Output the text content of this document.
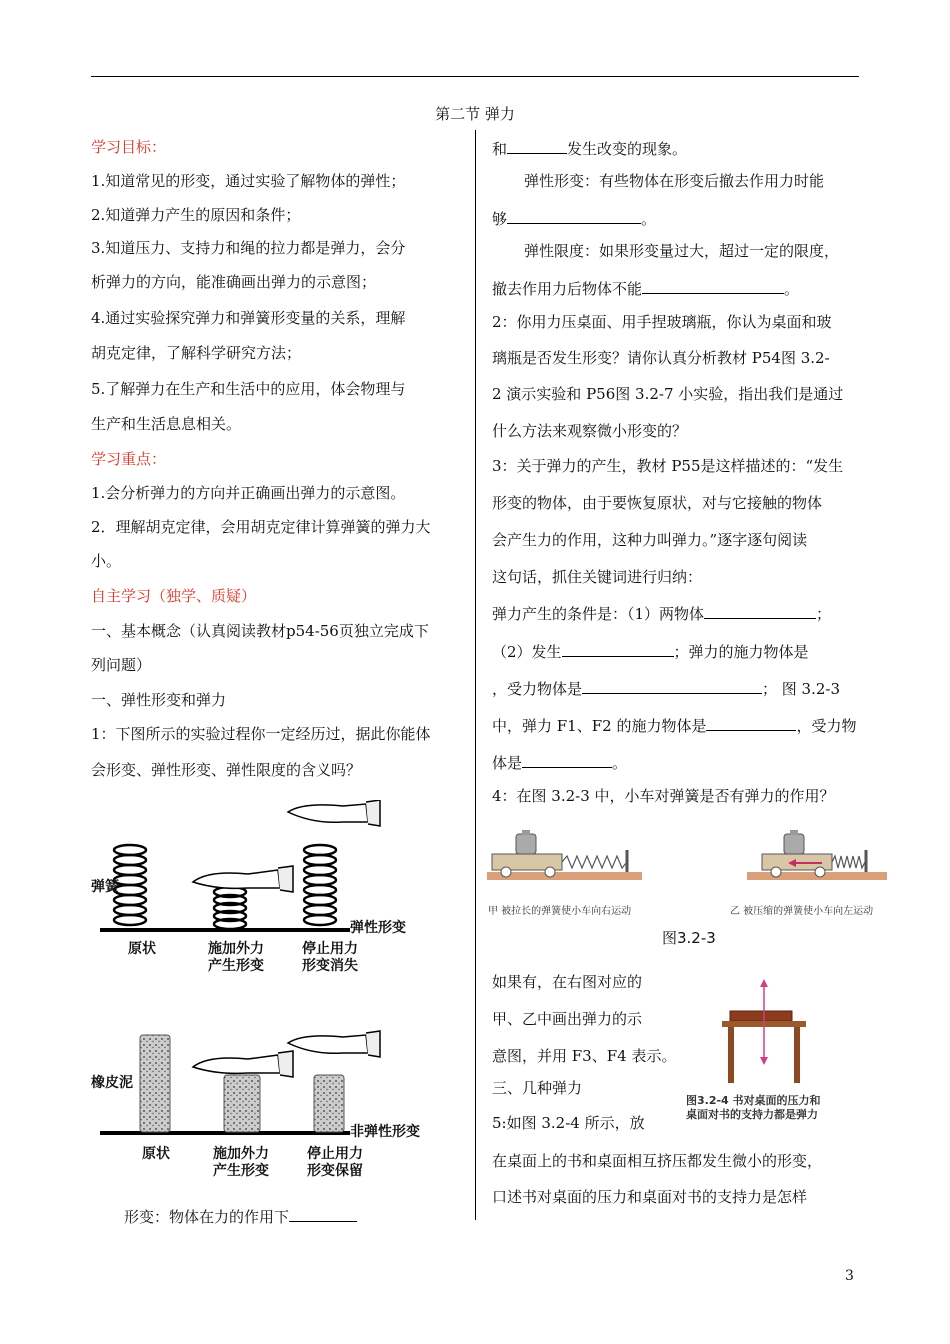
第二节 弹力
学习目标：
1.知道常见的形变，通过实验了解物体的弹性；
2.知道弹力产生的原因和条件；
3.知道压力、支持力和绳的拉力都是弹力，会分
析弹力的方向，能准确画出弹力的示意图；
4.通过实验探究弹力和弹簧形变量的关系，理解
胡克定律，了解科学研究方法；
5.了解弹力在生产和生活中的应用，体会物理与
生产和生活息息相关。
学习重点：
1.会分析弹力的方向并正确画出弹力的示意图。
2．理解胡克定律，会用胡克定律计算弹簧的弹力大
小。
自主学习（独学、质疑）
一、基本概念（认真阅读教材p54-56页独立完成下
列问题）
一、弹性形变和弹力
1：下图所示的实验过程你一定经历过，据此你能体
会形变、弹性形变、弹性限度的含义吗？
弹簧
弹性形变
原状	施加外力
产生形变
停止用力
形变消失
橡皮泥
非弹性形变
原状	施加外力
产生形变
停止用力
形变保留
形变：物体在力的作用下
和	发生改变的现象。
弹性形变：有些物体在形变后撤去作用力时能
够	。
弹性限度：如果形变量过大，超过一定的限度，
撤去作用力后物体不能	。
2：你用力压桌面、用手捏玻璃瓶，你认为桌面和玻
璃瓶是否发生形变？请你认真分析教材 P54图 3.2-
2 演示实验和 P56图 3.2-7 小实验，指出我们是通过
什么方法来观察微小形变的？
3：关于弹力的产生，教材 P55是这样描述的：“发生
形变的物体，由于要恢复原状，对与它接触的物体
会产生力的作用，这种力叫弹力。”逐字逐句阅读
这句话，抓住关键词进行归纳：
弹力产生的条件是：（1）两物体	；
（2）发生	；弹力的施力物体是
，受力物体是	； 图 3.2-3
中，弹力 F1、F2 的施力物体是	，受力物
体是	。
4：在图 3.2-3 中，小车对弹簧是否有弹力的作用？
甲 被拉长的弹簧使小车向右运动	乙 被压缩的弹簧使小车向左运动
图3.2-3
如果有，在右图对应的
甲、乙中画出弹力的示
意图，并用 F3、F4 表示。
三、几种弹力
5:如图 3.2-4 所示，放
在桌面上的书和桌面相互挤压都发生微小的形变，
口述书对桌面的压力和桌面对书的支持力是怎样
图3.2-4 书对桌面的压力和
桌面对书的支持力都是弹力
3
